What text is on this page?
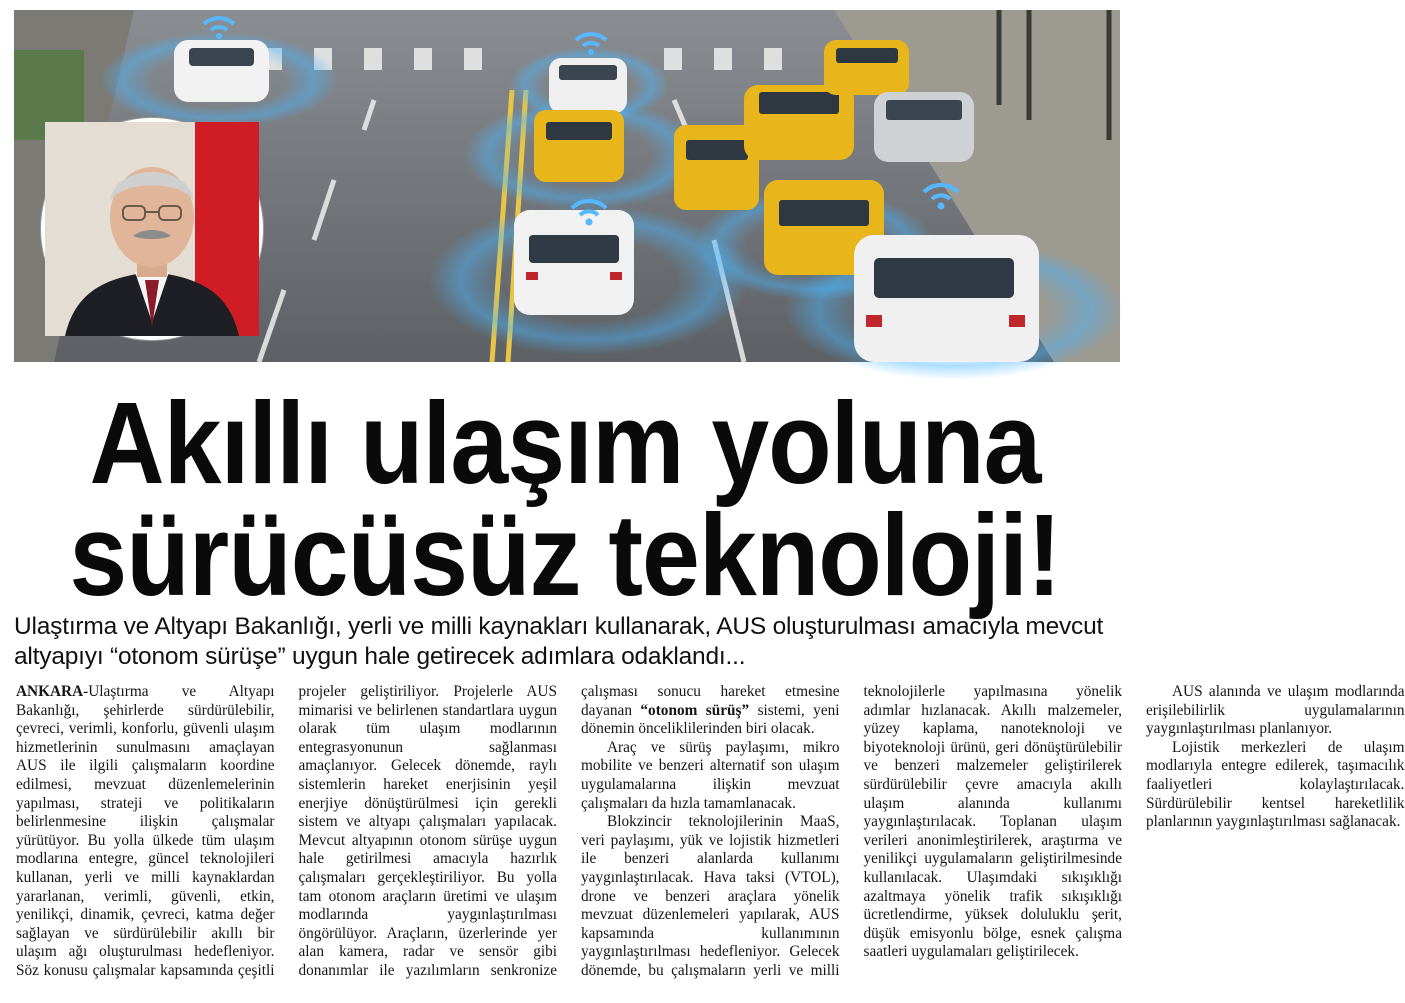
Akıllı ulaşım yoluna
sürücüsüz teknoloji!

Ulaştırma ve Altyapı Bakanlığı, yerli ve milli kaynakları kullanarak, AUS oluşturulması amacıyla mevcut altyapıyı “otonom sürüşe” uygun hale getirecek adımlara odaklandı...

ANKARA-Ulaştırma ve Altyapı Bakanlığı, şehirlerde sürdürülebilir, çevreci, verimli, konforlu, güvenli ulaşım hizmetlerinin sunulmasını amaçlayan AUS ile ilgili çalışmaların koordine edilmesi, mevzuat düzenlemelerinin yapılması, strateji ve politikaların belirlenmesine ilişkin çalışmalar yürütüyor. Bu yolla ülkede tüm ulaşım modlarına entegre, güncel teknolojileri kullanan, yerli ve milli kaynaklardan yararlanan, verimli, güvenli, etkin, yenilikçi, dinamik, çevreci, katma değer sağlayan ve sürdürülebilir akıllı bir ulaşım ağı oluşturulması hedefleniyor. Söz konusu çalışmalar kapsamında çeşitli projeler geliştiriliyor. Projelerle AUS mimarisi ve belirlenen standartlara uygun olarak tüm ulaşım modlarının entegrasyonunun sağlanması amaçlanıyor. Gelecek dönemde, raylı sistemlerin hareket enerjisinin yeşil enerjiye dönüştürülmesi için gerekli sistem ve altyapı çalışmaları yapılacak. Mevcut altyapının otonom sürüşe uygun hale getirilmesi amacıyla hazırlık çalışmaları gerçekleştiriliyor. Bu yolla tam otonom araçların üretimi ve ulaşım modlarında yaygınlaştırılması öngörülüyor. Araçların, üzerlerinde yer alan kamera, radar ve sensör gibi donanımlar ile yazılımların senkronize çalışması sonucu hareket etmesine dayanan “otonom sürüş” sistemi, yeni dönemin önceliklilerinden biri olacak.

Araç ve sürüş paylaşımı, mikro mobilite ve benzeri alternatif son ulaşım uygulamalarına ilişkin mevzuat çalışmaları da hızla tamamlanacak.

Blokzincir teknolojilerinin MaaS, veri paylaşımı, yük ve lojistik hizmetleri ile benzeri alanlarda kullanımı yaygınlaştırılacak. Hava taksi (VTOL), drone ve benzeri araçlara yönelik mevzuat düzenlemeleri yapılarak, AUS kapsamında kullanımının yaygınlaştırılması hedefleniyor. Gelecek dönemde, bu çalışmaların yerli ve milli teknolojilerle yapılmasına yönelik adımlar hızlanacak. Akıllı malzemeler, yüzey kaplama, nanoteknoloji ve biyoteknoloji ürünü, geri dönüştürülebilir ve benzeri malzemeler geliştirilerek sürdürülebilir çevre amacıyla akıllı ulaşım alanında kullanımı yaygınlaştırılacak. Toplanan ulaşım verileri anonimleştirilerek, araştırma ve yenilikçi uygulamaların geliştirilmesinde kullanılacak. Ulaşımdaki sıkışıklığı azaltmaya yönelik trafik sıkışıklığı ücretlendirme, yüksek doluluklu şerit, düşük emisyonlu bölge, esnek çalışma saatleri uygulamaları geliştirilecek.

AUS alanında ve ulaşım modlarında erişilebilirlik uygulamalarının yaygınlaştırılması planlanıyor.

Lojistik merkezleri de ulaşım modlarıyla entegre edilerek, taşımacılık faaliyetleri kolaylaştırılacak. Sürdürülebilir kentsel hareketlilik planlarının yaygınlaştırılması sağlanacak.
